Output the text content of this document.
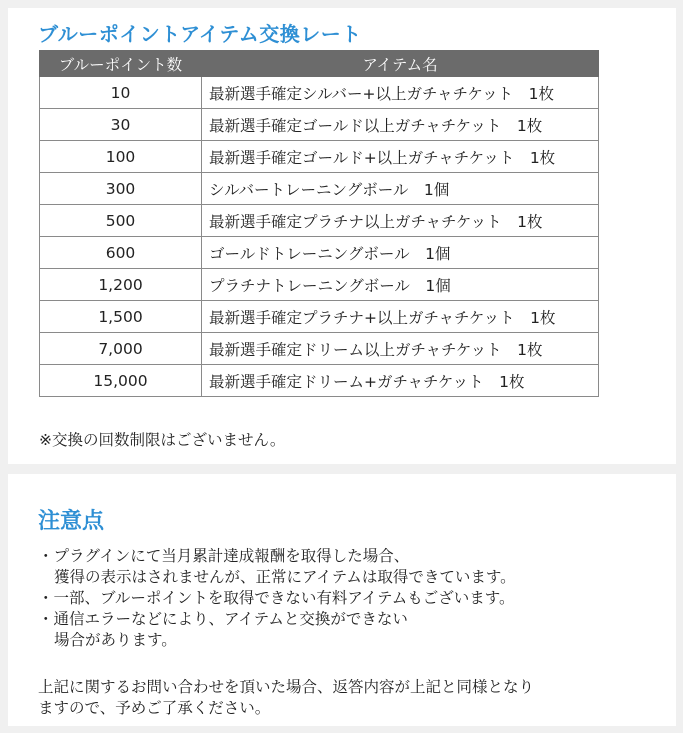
ブルーポイントアイテム交換レート
ブルーポイント数	アイテム名
10	最新選手確定シルバー+以上ガチャチケット　1枚
30	最新選手確定ゴールド以上ガチャチケット　1枚
100	最新選手確定ゴールド+以上ガチャチケット　1枚
300	シルバートレーニングボール　1個
500	最新選手確定プラチナ以上ガチャチケット　1枚
600	ゴールドトレーニングボール　1個
1,200	プラチナトレーニングボール　1個
1,500	最新選手確定プラチナ+以上ガチャチケット　1枚
7,000	最新選手確定ドリーム以上ガチャチケット　1枚
15,000	最新選手確定ドリーム+ガチャチケット　1枚
※交換の回数制限はございません。
注意点
・プラグインにて当月累計達成報酬を取得した場合、
獲得の表示はされませんが、正常にアイテムは取得できています。
・一部、ブルーポイントを取得できない有料アイテムもございます。
・通信エラーなどにより、アイテムと交換ができない
場合があります。
上記に関するお問い合わせを頂いた場合、返答内容が上記と同様となり
ますので、予めご了承ください。
